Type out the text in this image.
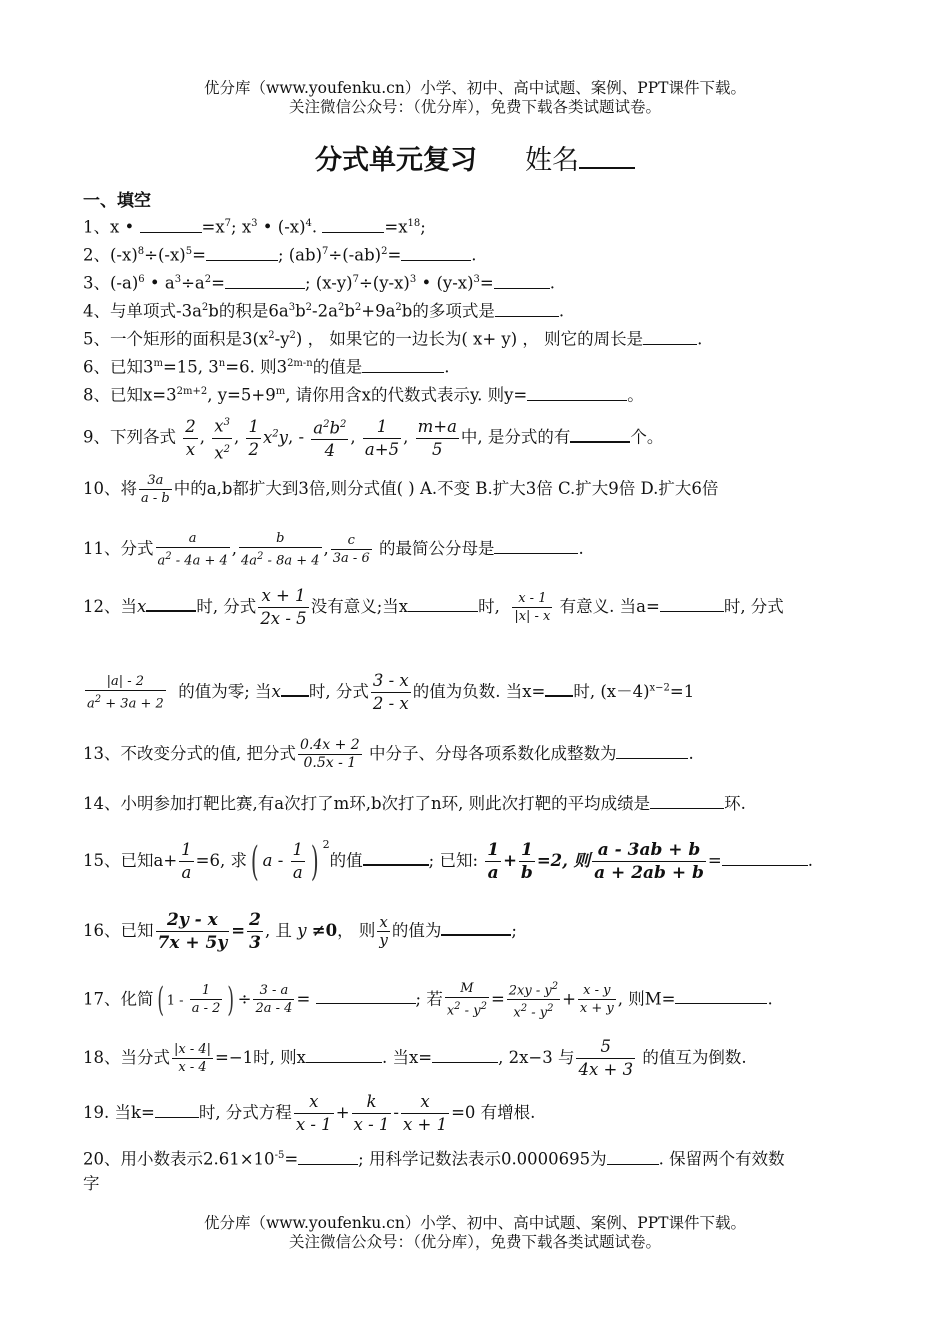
优分库（www.youfenku.cn）小学、初中、高中试题、案例、PPT课件下载。
关注微信公众号：（优分库），免费下载各类试题试卷。
分式单元复习 姓名
一、填空
1、x •	$=x^7$; $x^3$ • $(-x)^4$.	$=x^{18}$;
2、$(-x)^8\div(-x)^5=$	; $(ab)^7\div(-ab)^2=$	.
3、$(-a)^6$ • $a^3\div a^2=$	; $(x-y)^7\div(y-x)^3$ • $(y-x)^3=$	.
4、与单项式$-3a^2b$的积是$6a^3b^2-2a^2b^2+9a^2b$的多项式是	.
5、一个矩形的面积是$3(x^2-y^2)$ ， 如果它的一边长为( x+ y) ， 则它的周长是	.
6、已知$3^m=15$, $3^n=6$. 则$3^{2m-n}$的值是	.
8、已知$x=3^{2m+2}$, $y=5+9^m$, 请你用含x的代数式表示y. 则y=	。
9、下列各式 $\frac{2}{x}$ , $\frac{x^3}{x^2}$ , $\frac{1}{2} x^2y$, - $\frac{a^2b^2}{4}$ , $\frac{1}{a+5}$ , $\frac{m+a}{5}$ 中, 是分式的有	个。
10、将 $\frac{3a}{a - b}$ 中的a,b都扩大到3倍,则分式值( ) A.不变 B.扩大3倍 C.扩大9倍 D.扩大6倍
11、分式 $\frac{a}{a^2 - 4a + 4}$ , $\frac{b}{4a^2 - 8a + 4}$ , $\frac{c}{3a - 6}$ 的最简公分母是	.
12、当x	时, 分式 $\frac{x + 1}{2x - 5}$ 没有意义;当x	时, $\frac{x - 1}{|x| - x}$ 有意义. 当a=	时, 分式
$\frac{|a| - 2}{a^2 + 3a + 2}$ 的值为零; 当x 时, 分式 $\frac{3 - x}{2 - x}$ 的值为负数. 当x= 时, $(x-4)^{x-2}=1$
13、不改变分式的值, 把分式 $\frac{0.4x + 2}{0.5x - 1}$ 中分子、分母各项系数化成整数为	.
14、小明参加打靶比赛,有a次打了m环,b次打了n环, 则此次打靶的平均成绩是	环.
15、已知$a+ \frac{1}{a} =6$, 求( a - $\frac{1}{a}$ ) $^2$的值	; 已知: $\frac{1}{a} + \frac{1}{b} =2$, 则 $\frac{a - 3ab + b}{a + 2ab + b}$ =	.
16、已知 $\frac{2y - x}{7x + 5y} = \frac{2}{3}$ , 且 y ≠0， 则 $\frac{x}{y}$ 的值为	;
17、化简( $1 - \frac{1}{a - 2}$ ) ÷ $\frac{3 - a}{2a - 4}$ =	; 若 $\frac{M}{x^2 - y^2} = \frac{2xy - y^2}{x^2 - y^2} + \frac{x - y}{x + y}$ , 则M=	.
18、当分式 $\frac{|x - 4|}{x - 4} =-1$时, 则x	. 当x=	, 2x−3 与 $\frac{5}{4x + 3}$ 的值互为倒数.
19. 当k=	时, 分式方程 $\frac{x}{x - 1} + \frac{k}{x - 1} - \frac{x}{x + 1} =0$ 有增根.
20、用小数表示$2.61\times 10^{-5}=$	; 用科学记数法表示0.0000695为	. 保留两个有效数
字
优分库（www.youfenku.cn）小学、初中、高中试题、案例、PPT课件下载。
关注微信公众号：（优分库），免费下载各类试题试卷。
